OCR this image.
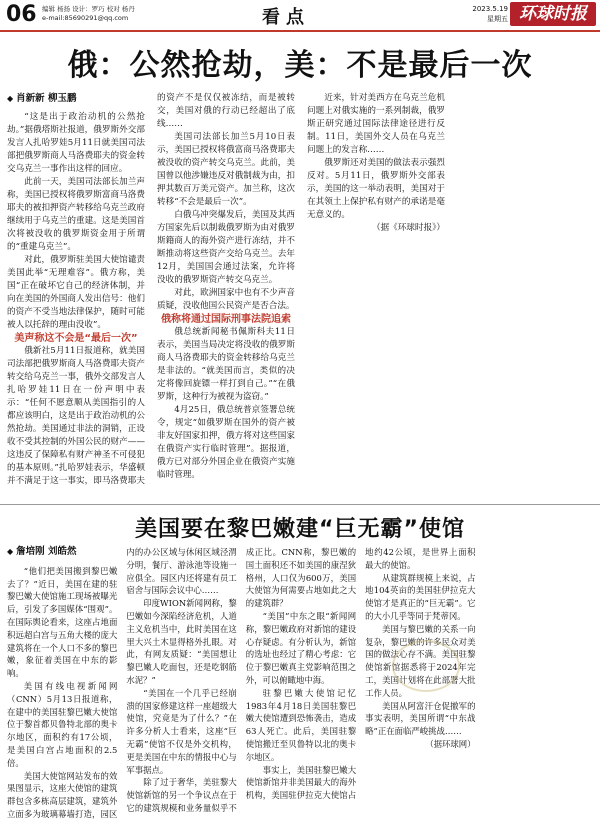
06 编辑 杨扬 设计：罗巧 校对 杨丹
e-mail:85690291@qq.com	看点	2023.5.19
星期五 环球时报
俄：公然抢劫，美：不是最后一次
◆ 肖新新 柳玉鹏

“这是出于政治动机的公然抢劫。”据俄塔斯社报道，俄罗斯外交部发言人扎哈罗娃5月11日就美国司法部把俄罗斯商人马洛费耶夫的资金转交乌克兰一事作出这样的回应。

此前一天，美国司法部长加兰声称，美国已授权将俄罗斯富商马洛费耶夫的被扣押资产转移给乌克兰政府继续用于乌克兰的重建。这是美国首次将被没收的俄罗斯资金用于所谓的“重建乌克兰”。

对此，俄罗斯驻美国大使馆谴责美国此举“无理难容”。俄方称，美国“正在破坏它自己的经济体制，并向在美国的外国商人发出信号：他们的资产不受当地法律保护，随时可能被人以托辞的理由没收”。

美声称这不会是“最后一次”

俄新社5月11日报道称，就美国司法部把俄罗斯商人马洛费耶夫资产转交给乌克兰一事，俄外交部发言人扎哈罗娃11日在一份声明中表示：“任何不愿意顺从美国指引的人都应该明白，这是出于政治动机的公然抢劫。美国通过非法的洞销，正设收不受其控制的外国公民的财产——这违反了保障私有财产神圣不可侵犯的基本原则。”扎哈罗娃表示，华盛顿并不满足于这一事实，即马洛费耶夫的资产不是仅仅被冻结，而是被转交，美国对俄的行动已经超出了底线……

美国司法部长加兰5月10日表示，美国已授权将俄富商马洛费耶夫被没收的资产转交乌克兰。此前，美国曾以他涉嫌违反对俄制裁为由，扣押其数百万美元资产。加兰称，这次转移“不会是最后一次”。

白俄乌冲突爆发后，美国及其西方国家先后以制裁俄罗斯为由对俄罗斯籍商人的海外资产进行冻结，并不断推动将这些资产交给乌克兰。去年12月，美国国会通过法案，允许将没收的俄罗斯资产转交乌克兰。

对此，欧洲国家中也有不少声音质疑，没收他国公民资产是否合法。

俄称将通过国际刑事法院追索

俄总统新闻秘书佩斯科夫11日表示，美国当局决定将没收的俄罗斯商人马洛费耶夫的资金转移给乌克兰是非法的。“就美国而言，类似的决定将像回旋镖一样打到自己。”“在俄罗斯，这种行为被视为盗窃。”

4月25日，俄总统普京签署总统令，规定“如俄罗斯在国外的资产被非友好国家扣押，俄方将对这些国家在俄资产实行临时管理”。据报道，俄方已对部分外国企业在俄资产实施临时管理。

近来，针对美西方在乌克兰危机问题上对俄实施的一系列制裁，俄罗斯正研究通过国际法律途径进行反制。11日，美国外交人员在乌克兰问题上的发言称……

俄罗斯还对美国的做法表示强烈反对。5月11日，俄罗斯外交部表示，美国的这一举动表明，美国对于在其领土上保护私有财产的承诺是毫无意义的。

（据《环球时报》）

美国要在黎巴嫩建“巨无霸”使馆
◆ 詹培刚 刘皓然

“他们把美国搬到黎巴嫩去了？”近日，美国在建的驻黎巴嫩大使馆施工现场被曝光后，引发了多国媒体“围观”。在国际舆论看来，这座占地面积远超白宫与五角大楼的庞大建筑将在一个人口不多的黎巴嫩，象征着美国在中东的影响。

美国有线电视新闻网（CNN）5月13日报道称，在建中的美国驻黎巴嫩大使馆位于黎首都贝鲁特北部的奥卡尔地区，面积约有17公顷，是美国白宫占地面积的2.5倍。

美国大使馆网站发布的效果图显示，这座大使馆的建筑群包含多栋高层建筑，建筑外立面多为玻璃幕墙打造，园区内的办公区域与休闲区域泾渭分明，餐厅、游泳池等设施一应俱全。园区内还将建有员工宿舍与国际会议中心……

印度WION新闻网称，黎巴嫩如今深陷经济危机，人道主义危机当中，此时美国在这里大兴土木显得格外扎眼。对此，有网友质疑：“美国想让黎巴嫩人吃面包，还是吃钢筋水泥？”

“美国在一个几乎已经崩溃的国家修建这样一座超级大使馆，究竟是为了什么？”在许多分析人士看来，这座“巨无霸”使馆不仅是外交机构，更是美国在中东的情报中心与军事据点。

除了过于奢华，美驻黎大使馆新馆的另一个争议点在于它的建筑规模和业务量似乎不成正比。CNN称，黎巴嫩的国土面积还不如美国的康涅狄格州，人口仅为600万，美国大使馆为何需要占地如此之大的建筑群？

“美国”中东之眼“新闻网称，黎巴嫩政府对新馆的建设心存疑虑。有分析认为，新馆的选址也经过了精心考虑：它位于黎巴嫩真主党影响范围之外，可以俯瞰地中海。

驻黎巴嫩大使馆记忆1983年4月18日美国驻黎巴嫩大使馆遭到恐怖袭击，造成63人死亡。此后，美国驻黎使馆搬迁至贝鲁特以北的奥卡尔地区。

事实上，美国驻黎巴嫩大使馆新馆并非美国最大的海外机构，美国驻伊拉克大使馆占地约42公顷，是世界上面积最大的使馆。

从建筑群规模上来说，占地104英亩的美国驻伊拉克大使馆才是真正的“巨无霸”。它的大小几乎等同于梵蒂冈。

美国与黎巴嫩的关系一向复杂，黎巴嫩的许多民众对美国的做法心存不满。美国驻黎使馆新馆据悉将于2024年完工，美国计划将在此部署大批工作人员。

美国从阿富汗仓促撤军的事实表明，美国所谓“中东战略”正在面临严峻挑战……

（据环球网）
